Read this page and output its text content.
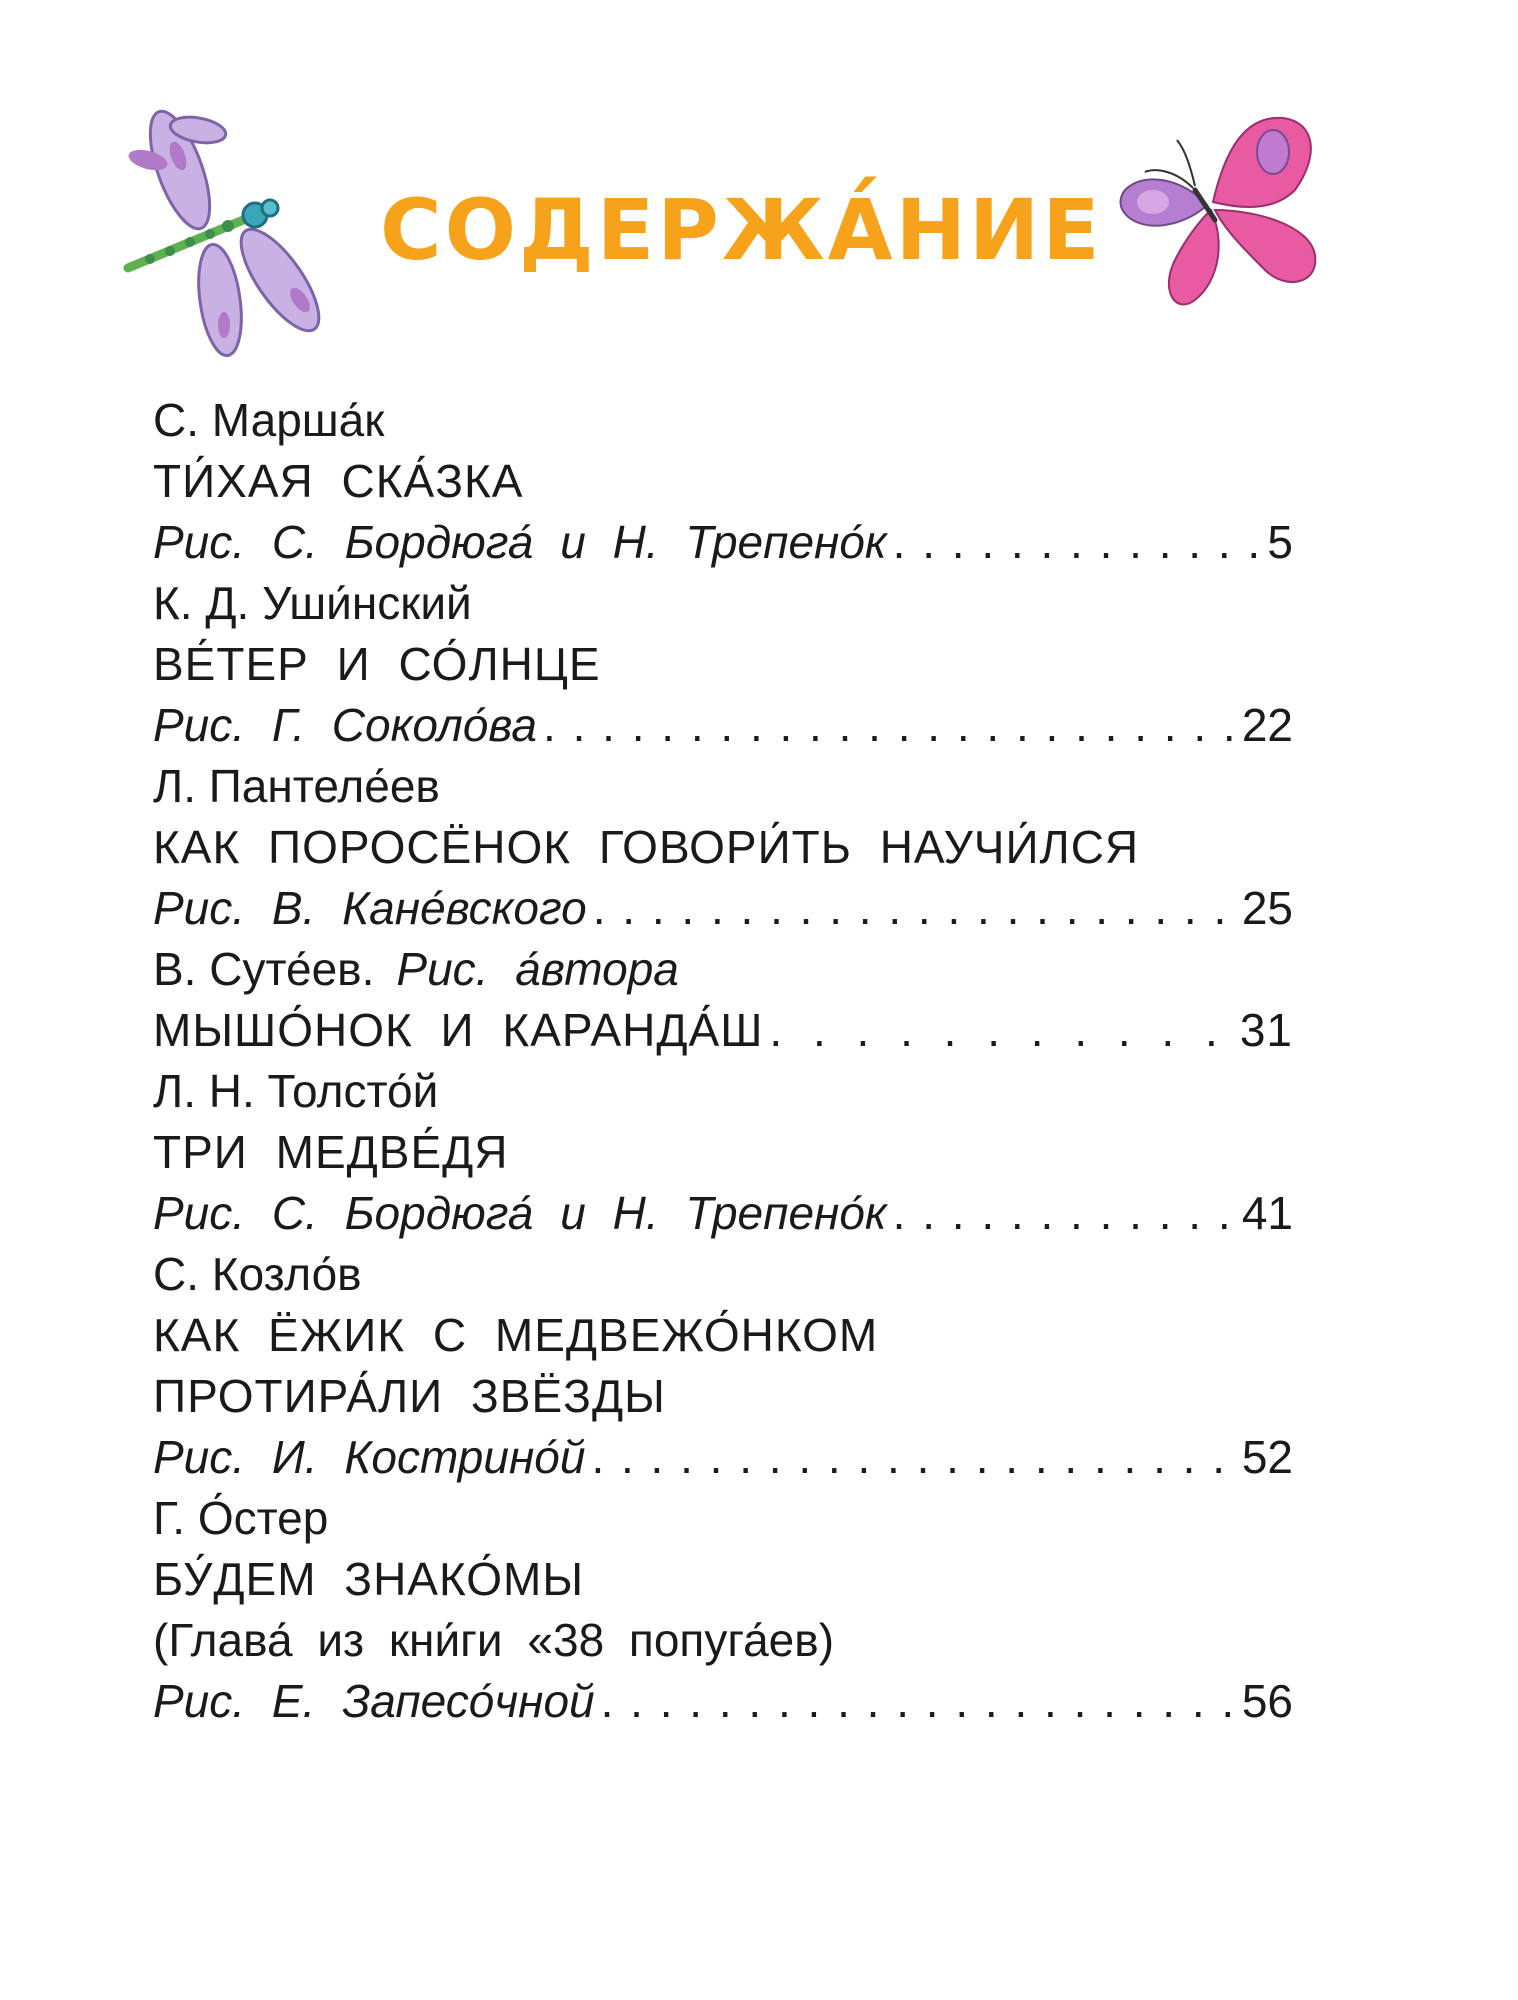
СОДЕРЖА́НИЕ
С. Марша́к
ТИ́ХАЯ СКА́ЗКА
Рис. С. Бордюга́ и Н. Трепено́к . . .	5
К. Д. Уши́нский
ВЕ́ТЕР И СО́ЛНЦЕ
Рис. Г. Соколо́ва . . .	22
Л. Пантеле́ев
КАК ПОРОСЁНОК ГОВОРИ́ТЬ НАУЧИ́ЛСЯ
Рис. В. Кане́вского . . .	25
В. Суте́ев. Рис. а́втора
МЫШО́НОК И КАРАНДА́Ш . . .	31
Л. Н. Толсто́й
ТРИ МЕДВЕ́ДЯ
Рис. С. Бордюга́ и Н. Трепено́к . . .	41
С. Козло́в
КАК ЁЖИК С МЕДВЕЖО́НКОМ
ПРОТИРА́ЛИ ЗВЁЗДЫ
Рис. И. Кострино́й . . .	52
Г. О́стер
БУ́ДЕМ ЗНАКО́МЫ
(Глава́ из кни́ги «38 попуга́ев)
Рис. Е. Запесо́чной . . .	56
